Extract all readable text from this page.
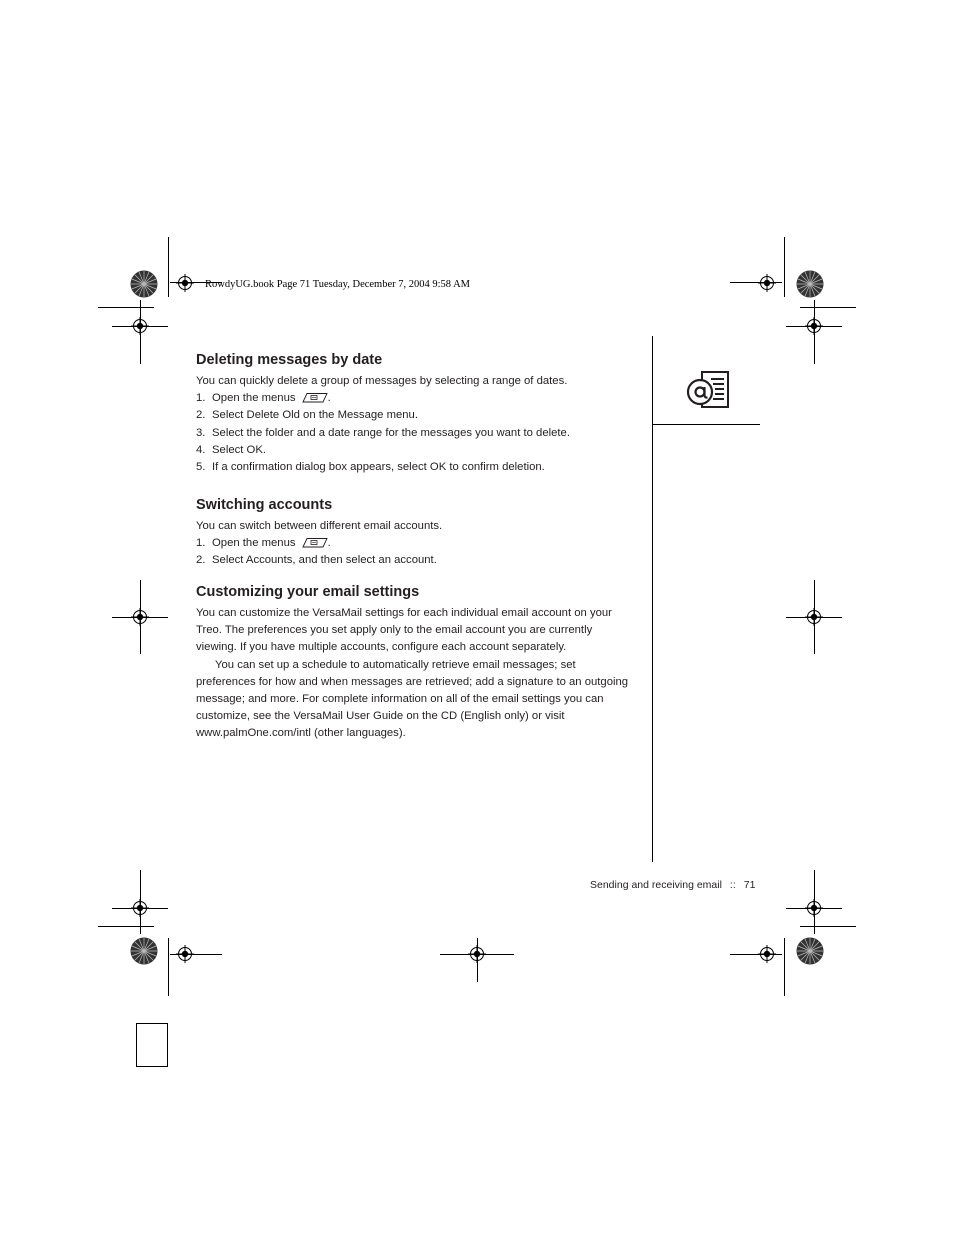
RowdyUG.book Page 71 Tuesday, December 7, 2004 9:58 AM
Deleting messages by date

You can quickly delete a group of messages by selecting a range of dates.

1. Open the menus	.
2. Select Delete Old on the Message menu.
3. Select the folder and a date range for the messages you want to delete.
4. Select OK.
5. If a confirmation dialog box appears, select OK to confirm deletion.
Switching accounts

You can switch between different email accounts.

1. Open the menus	.
2. Select Accounts, and then select an account.
Customizing your email settings

You can customize the VersaMail settings for each individual email account on your Treo. The preferences you set apply only to the email account you are currently viewing. If you have multiple accounts, configure each account separately.

You can set up a schedule to automatically retrieve email messages; set preferences for how and when messages are retrieved; add a signature to an outgoing message; and more. For complete information on all of the email settings you can customize, see the VersaMail User Guide on the CD (English only) or visit www.palmOne.com/intl (other languages).

Sending and receiving email :: 71
